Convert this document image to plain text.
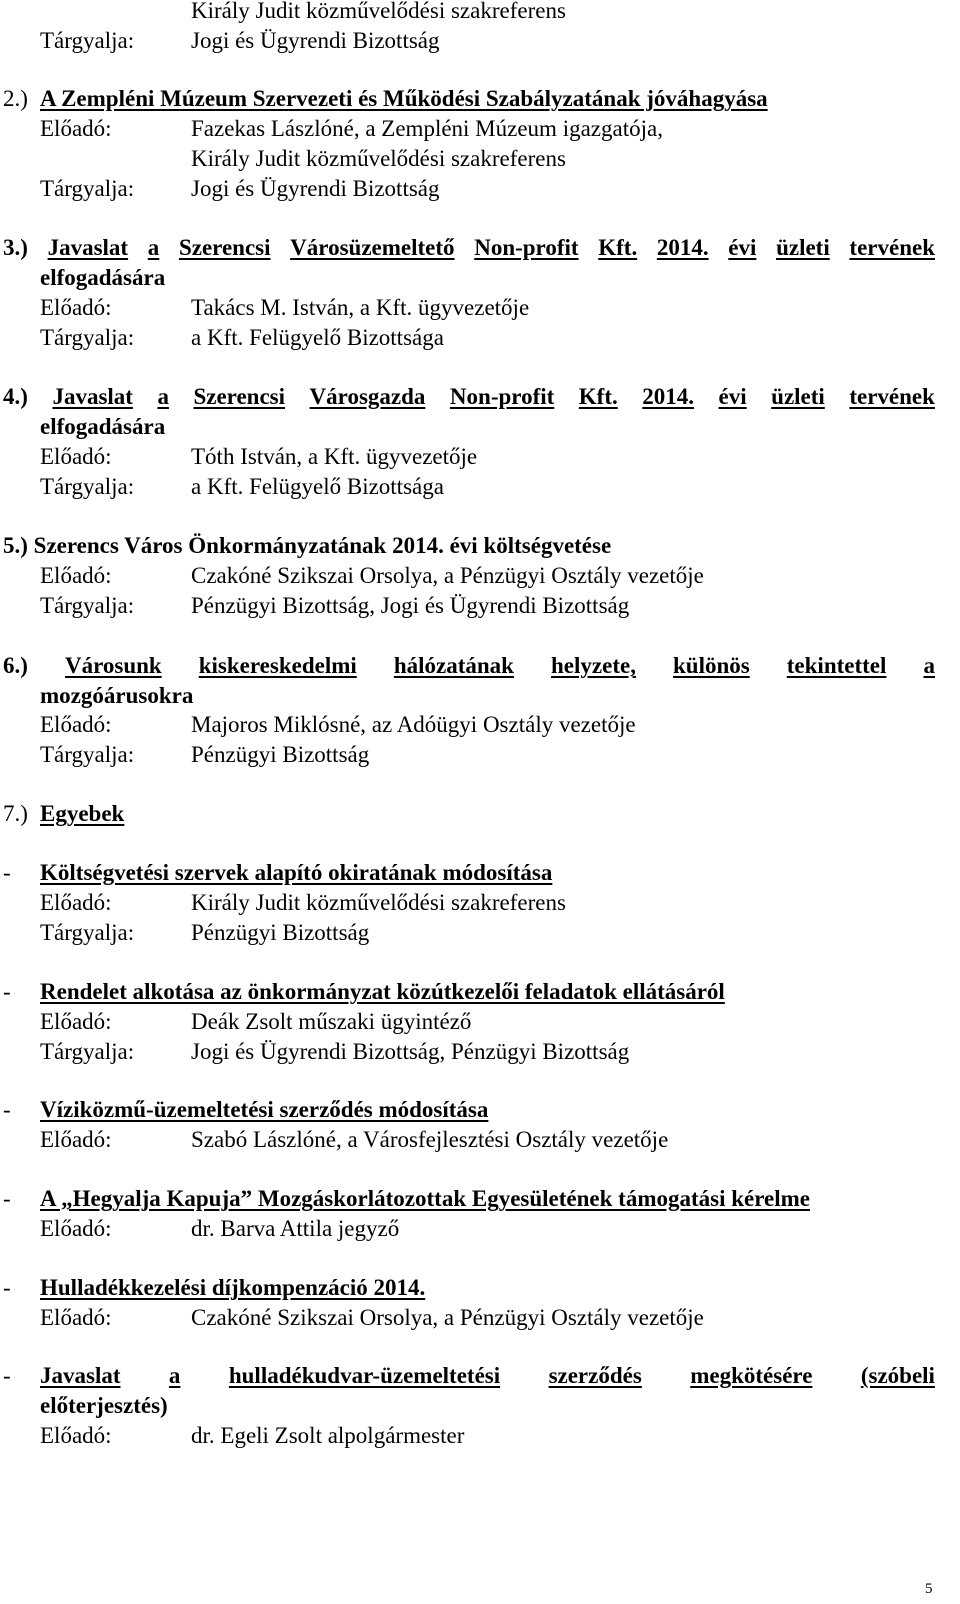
Király Judit közművelődési szakreferens
Tárgyalja: Jogi és Ügyrendi Bizottság
2.) A Zempléni Múzeum Szervezeti és Működési Szabályzatának jóváhagyása
Előadó:	Fazekas Lászlóné, a Zempléni Múzeum igazgatója,
Király Judit közművelődési szakreferens
Tárgyalja: Jogi és Ügyrendi Bizottság
3.) Javaslat a Szerencsi Városüzemeltető Non-profit Kft. 2014. évi üzleti tervének
elfogadására
Előadó:	Takács M. István, a Kft. ügyvezetője
Tárgyalja: a Kft. Felügyelő Bizottsága
4.) Javaslat a Szerencsi Városgazda Non-profit Kft. 2014. évi üzleti tervének
elfogadására
Előadó:	Tóth István, a Kft. ügyvezetője
Tárgyalja: a Kft. Felügyelő Bizottsága
5.) Szerencs Város Önkormányzatának 2014. évi költségvetése
Előadó:	Czakóné Szikszai Orsolya, a Pénzügyi Osztály vezetője
Tárgyalja: Pénzügyi Bizottság, Jogi és Ügyrendi Bizottság
6.) Városunk kiskereskedelmi hálózatának helyzete, különös tekintettel a
mozgóárusokra
Előadó:	Majoros Miklósné, az Adóügyi Osztály vezetője
Tárgyalja: Pénzügyi Bizottság
7.) Egyebek
- Költségvetési szervek alapító okiratának módosítása
Előadó:	Király Judit közművelődési szakreferens
Tárgyalja: Pénzügyi Bizottság
- Rendelet alkotása az önkormányzat közútkezelői feladatok ellátásáról
Előadó:	Deák Zsolt műszaki ügyintéző
Tárgyalja: Jogi és Ügyrendi Bizottság, Pénzügyi Bizottság
- Víziközmű-üzemeltetési szerződés módosítása
Előadó:	Szabó Lászlóné, a Városfejlesztési Osztály vezetője
- A „Hegyalja Kapuja” Mozgáskorlátozottak Egyesületének támogatási kérelme
Előadó:	dr. Barva Attila jegyző
- Hulladékkezelési díjkompenzáció 2014.
Előadó:	Czakóné Szikszai Orsolya, a Pénzügyi Osztály vezetője
- Javaslat a hulladékudvar-üzemeltetési szerződés megkötésére (szóbeli
előterjesztés)
Előadó:	dr. Egeli Zsolt alpolgármester
5
